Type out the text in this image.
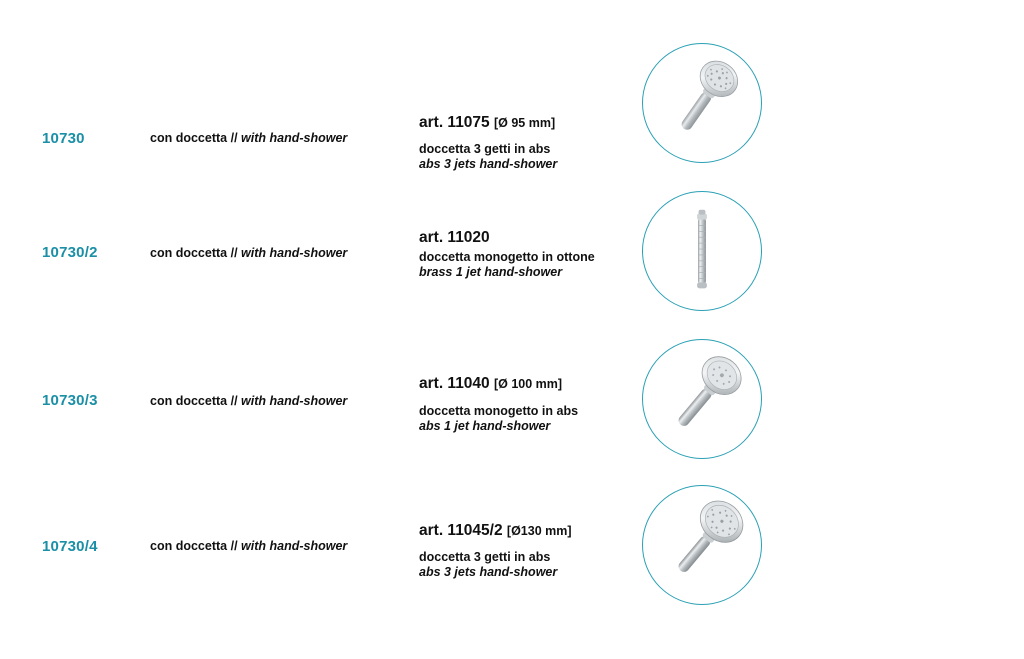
10730	con doccetta // with hand-shower
art. 11075 [Ø 95 mm]
doccetta 3 getti in abs
abs 3 jets hand-shower
10730/2	con doccetta // with hand-shower
art. 11020
doccetta monogetto in ottone
brass 1 jet hand-shower
10730/3	con doccetta // with hand-shower
art. 11040 [Ø 100 mm]
doccetta monogetto in abs
abs 1 jet hand-shower
10730/4	con doccetta // with hand-shower
art. 11045/2 [Ø130 mm]
doccetta 3 getti in abs
abs 3 jets hand-shower
